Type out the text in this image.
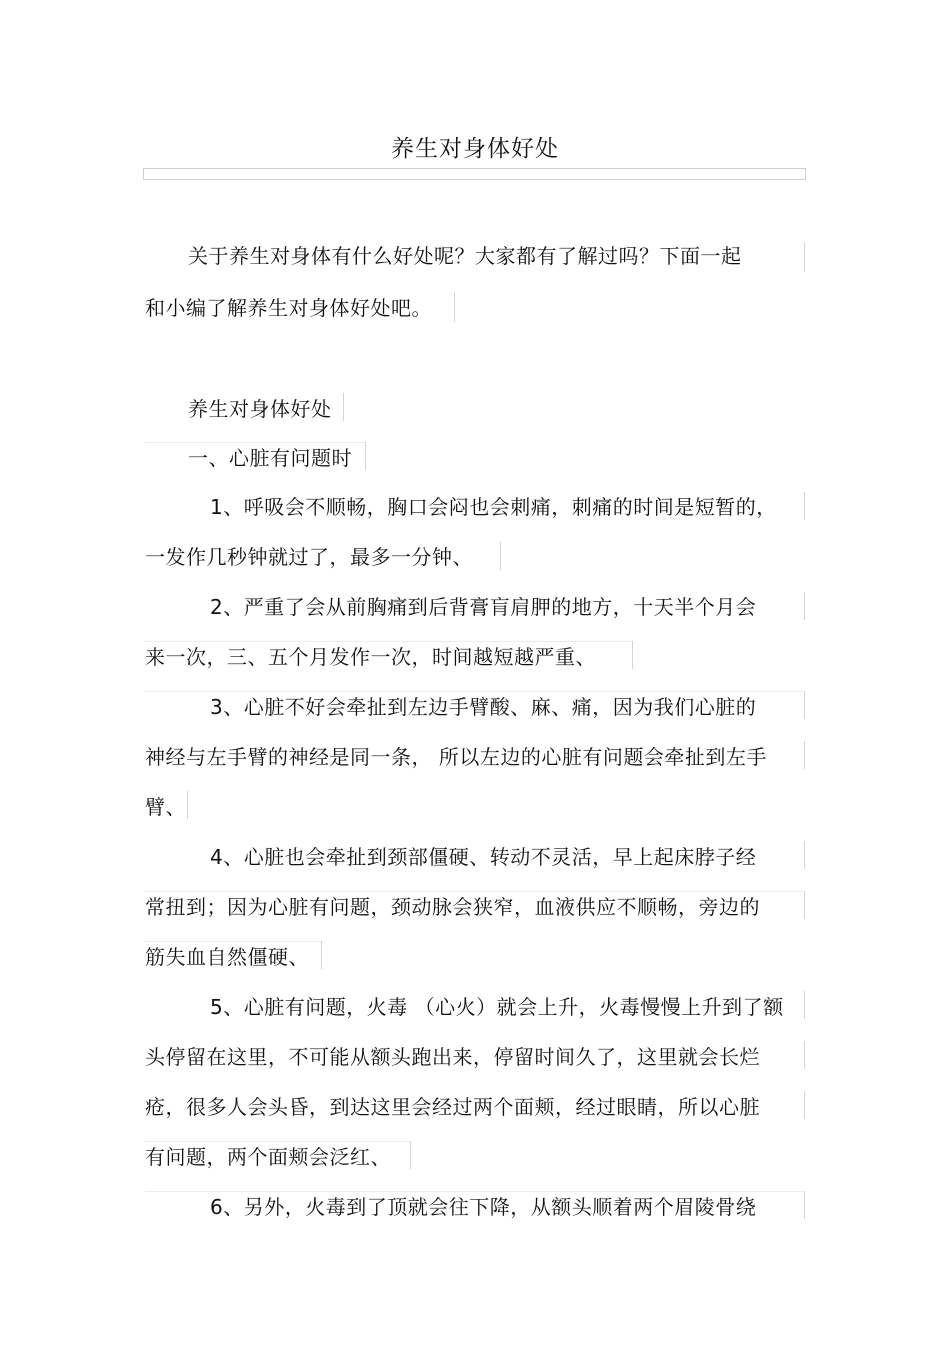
养生对身体好处
关于养生对身体有什么好处呢？大家都有了解过吗？下面一起
和小编了解养生对身体好处吧。
养生对身体好处
一、心脏有问题时
1、呼吸会不顺畅，胸口会闷也会刺痛，刺痛的时间是短暂的，
一发作几秒钟就过了，最多一分钟、
2、严重了会从前胸痛到后背膏肓肩胛的地方，十天半个月会
来一次，三、五个月发作一次，时间越短越严重、
3、心脏不好会牵扯到左边手臂酸、麻、痛，因为我们心脏的
神经与左手臂的神经是同一条， 所以左边的心脏有问题会牵扯到左手
臂、
4、心脏也会牵扯到颈部僵硬、转动不灵活，早上起床脖子经
常扭到；因为心脏有问题，颈动脉会狭窄，血液供应不顺畅，旁边的
筋失血自然僵硬、
5、心脏有问题，火毒 （心火）就会上升，火毒慢慢上升到了额
头停留在这里，不可能从额头跑出来，停留时间久了，这里就会长烂
疮，很多人会头昏，到达这里会经过两个面颊，经过眼睛，所以心脏
有问题，两个面颊会泛红、
6、另外，火毒到了顶就会往下降，从额头顺着两个眉陵骨绕
